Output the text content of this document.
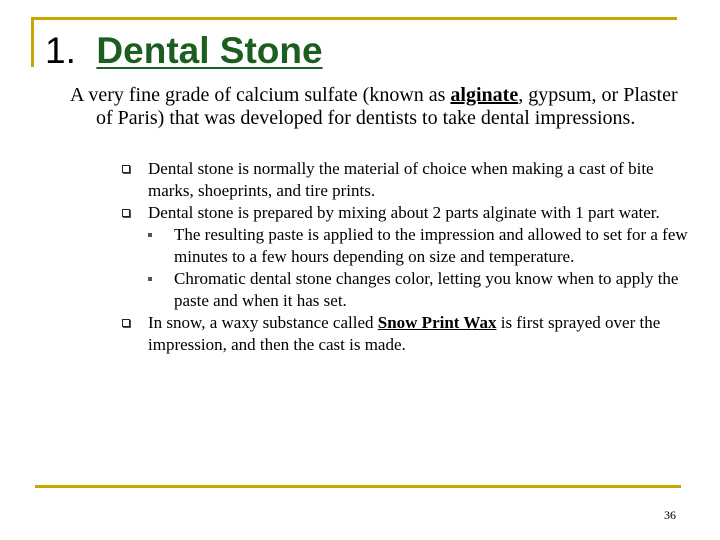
1. Dental Stone

A very fine grade of calcium sulfate (known as alginate, gypsum, or Plaster of Paris) that was developed for dentists to take dental impressions.

Dental stone is normally the material of choice when making a cast of bite marks, shoeprints, and tire prints.
Dental stone is prepared by mixing about 2 parts alginate with 1 part water.
The resulting paste is applied to the impression and allowed to set for a few minutes to a few hours depending on size and temperature.
Chromatic dental stone changes color, letting you know when to apply the paste and when it has set.
In snow, a waxy substance called Snow Print Wax is first sprayed over the impression, and then the cast is made.
36
